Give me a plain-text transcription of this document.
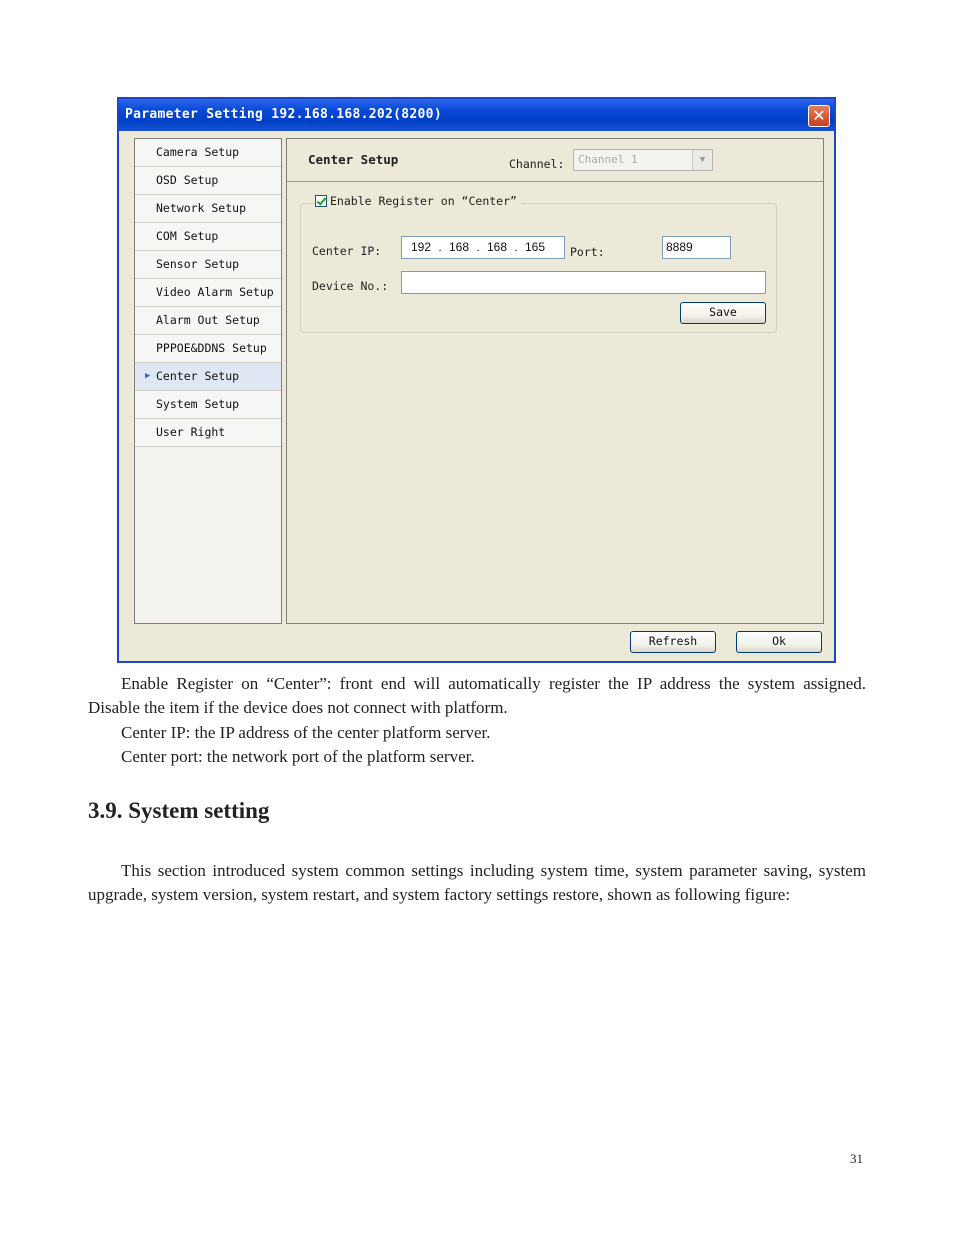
Parameter Setting 192.168.168.202(8200)	✕
Camera Setup
OSD Setup
Network Setup
COM Setup
Sensor Setup
Video Alarm Setup
Alarm Out Setup
PPPOE&DDNS Setup
▶ Center Setup
System Setup
User Right
Center Setup	Channel:	Channel 1	▼
Enable Register on “Center”
Center IP:	192 . 168 . 168 . 165	Port:	8889
Device No.:
Save
Refresh	Ok

Enable Register on “Center”: front end will automatically register the IP address the system assigned. Disable the item if the device does not connect with platform.

Center IP: the IP address of the center platform server.
Center port: the network port of the platform server.
3.9. System setting

This section introduced system common settings including system time, system parameter saving, system upgrade, system version, system restart, and system factory settings restore, shown as following figure:

31
